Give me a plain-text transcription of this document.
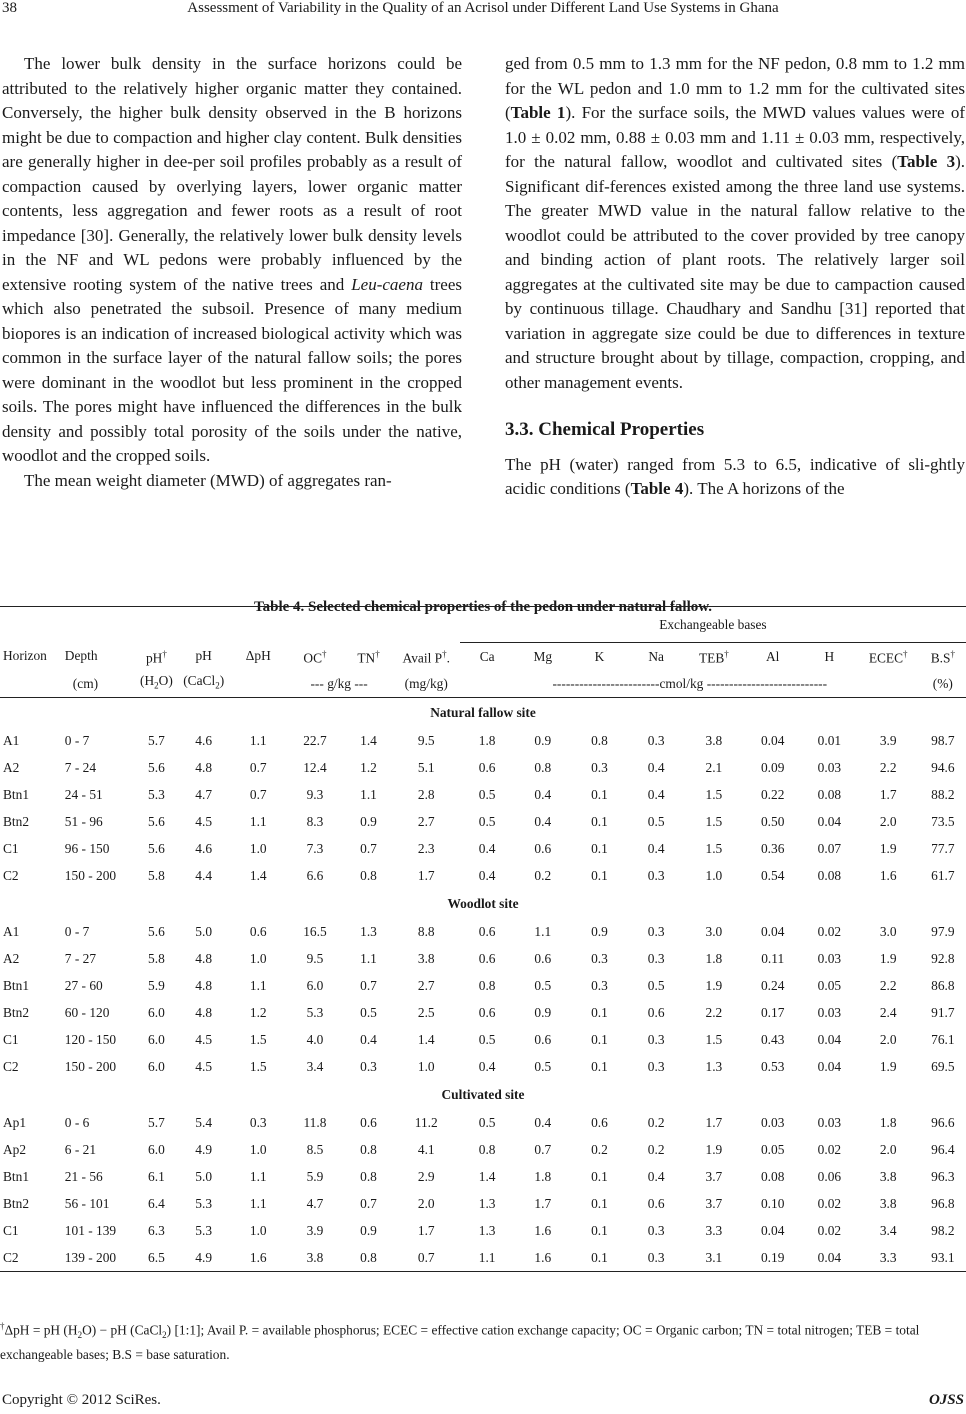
38	Assessment of Variability in the Quality of an Acrisol under Different Land Use Systems in Ghana

The lower bulk density in the surface horizons could be attributed to the relatively higher organic matter they contained. Conversely, the higher bulk density observed in the B horizons might be due to compaction and higher clay content. Bulk densities are generally higher in dee-per soil profiles probably as a result of compaction caused by overlying layers, lower organic matter contents, less aggregation and fewer roots as a result of root impedance [30]. Generally, the relatively lower bulk density levels in the NF and WL pedons were probably influenced by the extensive rooting system of the native trees and Leu-caena trees which also penetrated the subsoil. Presence of many medium biopores is an indication of increased biological activity which was common in the surface layer of the natural fallow soils; the pores were dominant in the woodlot but less prominent in the cropped soils. The pores might have influenced the differences in the bulk density and possibly total porosity of the soils under the native, woodlot and the cropped soils.

The mean weight diameter (MWD) of aggregates ran-

ged from 0.5 mm to 1.3 mm for the NF pedon, 0.8 mm to 1.2 mm for the WL pedon and 1.0 mm to 1.2 mm for the cultivated sites (Table 1). For the surface soils, the MWD values values were of 1.0 ± 0.02 mm, 0.88 ± 0.03 mm and 1.11 ± 0.03 mm, respectively, for the natural fallow, woodlot and cultivated sites (Table 3). Significant dif-ferences existed among the three land use systems. The greater MWD value in the natural fallow relative to the woodlot could be attributed to the cover provided by tree canopy and binding action of plant roots. The relatively larger soil aggregates at the cultivated site may be due to campaction caused by continuous tillage. Chaudhary and Sandhu [31] reported that variation in aggregate size could be due to differences in texture and structure brought about by tillage, compaction, cropping, and other management events.

3.3. Chemical Properties

The pH (water) ranged from 5.3 to 6.5, indicative of sli-ghtly acidic conditions (Table 4). The A horizons of the

Table 4. Selected chemical properties of the pedon under natural fallow.
								Exchangeable bases								
Horizon	Depth	pH†	pH	ΔpH	OC†	TN†	Avail P†.	Ca	Mg	K	Na	TEB†	Al	H	ECEC†	B.S†
	(cm)	$(H_2O)$	(CaCl$_2$)		--- g/kg ---		(mg/kg)	------------------------cmol/kg ---------------------------								(%)
Natural fallow site																
A1	0 - 7	5.7	4.6	1.1	22.7	1.4	9.5	1.8	0.9	0.8	0.3	3.8	0.04	0.01	3.9	98.7
A2	7 - 24	5.6	4.8	0.7	12.4	1.2	5.1	0.6	0.8	0.3	0.4	2.1	0.09	0.03	2.2	94.6
Btn1	24 - 51	5.3	4.7	0.7	9.3	1.1	2.8	0.5	0.4	0.1	0.4	1.5	0.22	0.08	1.7	88.2
Btn2	51 - 96	5.6	4.5	1.1	8.3	0.9	2.7	0.5	0.4	0.1	0.5	1.5	0.50	0.04	2.0	73.5
C1	96 - 150	5.6	4.6	1.0	7.3	0.7	2.3	0.4	0.6	0.1	0.4	1.5	0.36	0.07	1.9	77.7
C2	150 - 200	5.8	4.4	1.4	6.6	0.8	1.7	0.4	0.2	0.1	0.3	1.0	0.54	0.08	1.6	61.7
Woodlot site																
A1	0 - 7	5.6	5.0	0.6	16.5	1.3	8.8	0.6	1.1	0.9	0.3	3.0	0.04	0.02	3.0	97.9
A2	7 - 27	5.8	4.8	1.0	9.5	1.1	3.8	0.6	0.6	0.3	0.3	1.8	0.11	0.03	1.9	92.8
Btn1	27 - 60	5.9	4.8	1.1	6.0	0.7	2.7	0.8	0.5	0.3	0.5	1.9	0.24	0.05	2.2	86.8
Btn2	60 - 120	6.0	4.8	1.2	5.3	0.5	2.5	0.6	0.9	0.1	0.6	2.2	0.17	0.03	2.4	91.7
C1	120 - 150	6.0	4.5	1.5	4.0	0.4	1.4	0.5	0.6	0.1	0.3	1.5	0.43	0.04	2.0	76.1
C2	150 - 200	6.0	4.5	1.5	3.4	0.3	1.0	0.4	0.5	0.1	0.3	1.3	0.53	0.04	1.9	69.5
Cultivated site																
Ap1	0 - 6	5.7	5.4	0.3	11.8	0.6	11.2	0.5	0.4	0.6	0.2	1.7	0.03	0.03	1.8	96.6
Ap2	6 - 21	6.0	4.9	1.0	8.5	0.8	4.1	0.8	0.7	0.2	0.2	1.9	0.05	0.02	2.0	96.4
Btn1	21 - 56	6.1	5.0	1.1	5.9	0.8	2.9	1.4	1.8	0.1	0.4	3.7	0.08	0.06	3.8	96.3
Btn2	56 - 101	6.4	5.3	1.1	4.7	0.7	2.0	1.3	1.7	0.1	0.6	3.7	0.10	0.02	3.8	96.8
C1	101 - 139	6.3	5.3	1.0	3.9	0.9	1.7	1.3	1.6	0.1	0.3	3.3	0.04	0.02	3.4	98.2
C2	139 - 200	6.5	4.9	1.6	3.8	0.8	0.7	1.1	1.6	0.1	0.3	3.1	0.19	0.04	3.3	93.1
†ΔpH = pH $(H_2O)$ − pH (CaCl$_2$) [1:1]; Avail P. = available phosphorus; ECEC = effective cation exchange capacity; OC = Organic carbon; TN = total nitrogen; TEB = total exchangeable bases; B.S = base saturation.
Copyright © 2012 SciRes.	OJSS
